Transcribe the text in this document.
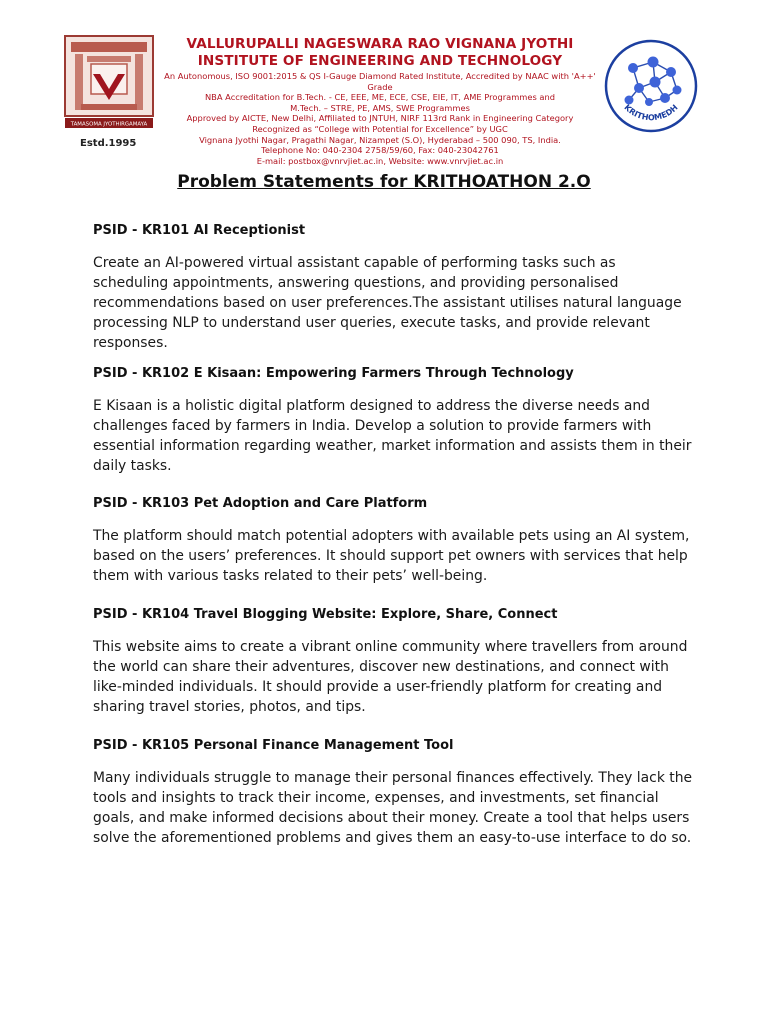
TAMASOMA JYOTHIRGAMAYA
Estd.1995
VALLURUPALLI NAGESWARA RAO VIGNANA JYOTHI
INSTITUTE OF ENGINEERING AND TECHNOLOGY
An Autonomous, ISO 9001:2015 & QS I-Gauge Diamond Rated Institute, Accredited by NAAC with 'A++' Grade
NBA Accreditation for B.Tech. - CE, EEE, ME, ECE, CSE, EIE, IT, AME Programmes and
M.Tech. – STRE, PE, AMS, SWE Programmes
Approved by AICTE, New Delhi, Affiliated to JNTUH, NIRF 113rd Rank in Engineering Category
Recognized as “College with Potential for Excellence” by UGC
Vignana Jyothi Nagar, Pragathi Nagar, Nizampet (S.O), Hyderabad – 500 090, TS, India.
Telephone No: 040-2304 2758/59/60, Fax: 040-23042761
E-mail: postbox@vnrvjiet.ac.in, Website: www.vnrvjiet.ac.in
KRITHOMEDH
Problem Statements for KRITHOATHON 2.O

PSID - KR101 AI Receptionist

Create an AI-powered virtual assistant capable of performing tasks such as scheduling appointments, answering questions, and providing personalised recommendations based on user preferences.The assistant utilises natural language processing NLP to understand user queries, execute tasks, and provide relevant responses.

PSID - KR102 E Kisaan: Empowering Farmers Through Technology

E Kisaan is a holistic digital platform designed to address the diverse needs and challenges faced by farmers in India. Develop a solution to provide farmers with essential information regarding weather, market information and assists them in their daily tasks.

PSID - KR103 Pet Adoption and Care Platform

The platform should match potential adopters with available pets using an AI system, based on the users’ preferences. It should support pet owners with services that help them with various tasks related to their pets’ well-being.

PSID - KR104 Travel Blogging Website: Explore, Share, Connect

This website aims to create a vibrant online community where travellers from around the world can share their adventures, discover new destinations, and connect with like-minded individuals. It should provide a user-friendly platform for creating and sharing travel stories, photos, and tips.

PSID - KR105 Personal Finance Management Tool

Many individuals struggle to manage their personal finances effectively. They lack the tools and insights to track their income, expenses, and investments, set financial goals, and make informed decisions about their money. Create a tool that helps users solve the aforementioned problems and gives them an easy-to-use interface to do so.
